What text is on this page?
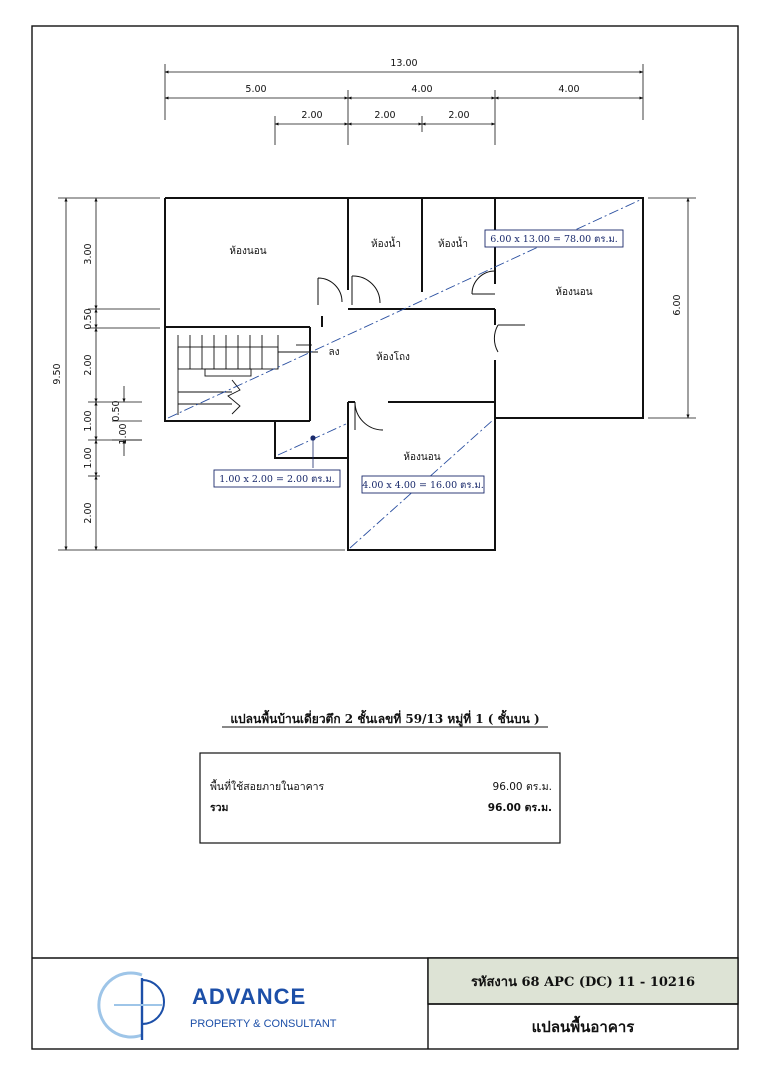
13.00
5.00	4.00	4.00
2.00	2.00	2.00
9.50
3.00
0.50
2.00
1.00
1.00
2.00
0.50
1.00
6.00
ห้องนอน
ห้องน้ำ	ห้องน้ำ
ห้องนอน
ห้องโถง
ห้องนอน
ลง
6.00 x 13.00 = 78.00 ตร.ม.
1.00 x 2.00 = 2.00 ตร.ม.
4.00 x 4.00 = 16.00 ตร.ม.
แปลนพื้นบ้านเดี่ยวตึก 2 ชั้นเลขที่ 59/13 หมู่ที่ 1 ( ชั้นบน )
พื้นที่ใช้สอยภายในอาคาร	96.00 ตร.ม.
รวม	96.00 ตร.ม.
รหัสงาน 68 APC (DC) 11 - 10216
แปลนพื้นอาคาร
ADVANCE
PROPERTY & CONSULTANT
